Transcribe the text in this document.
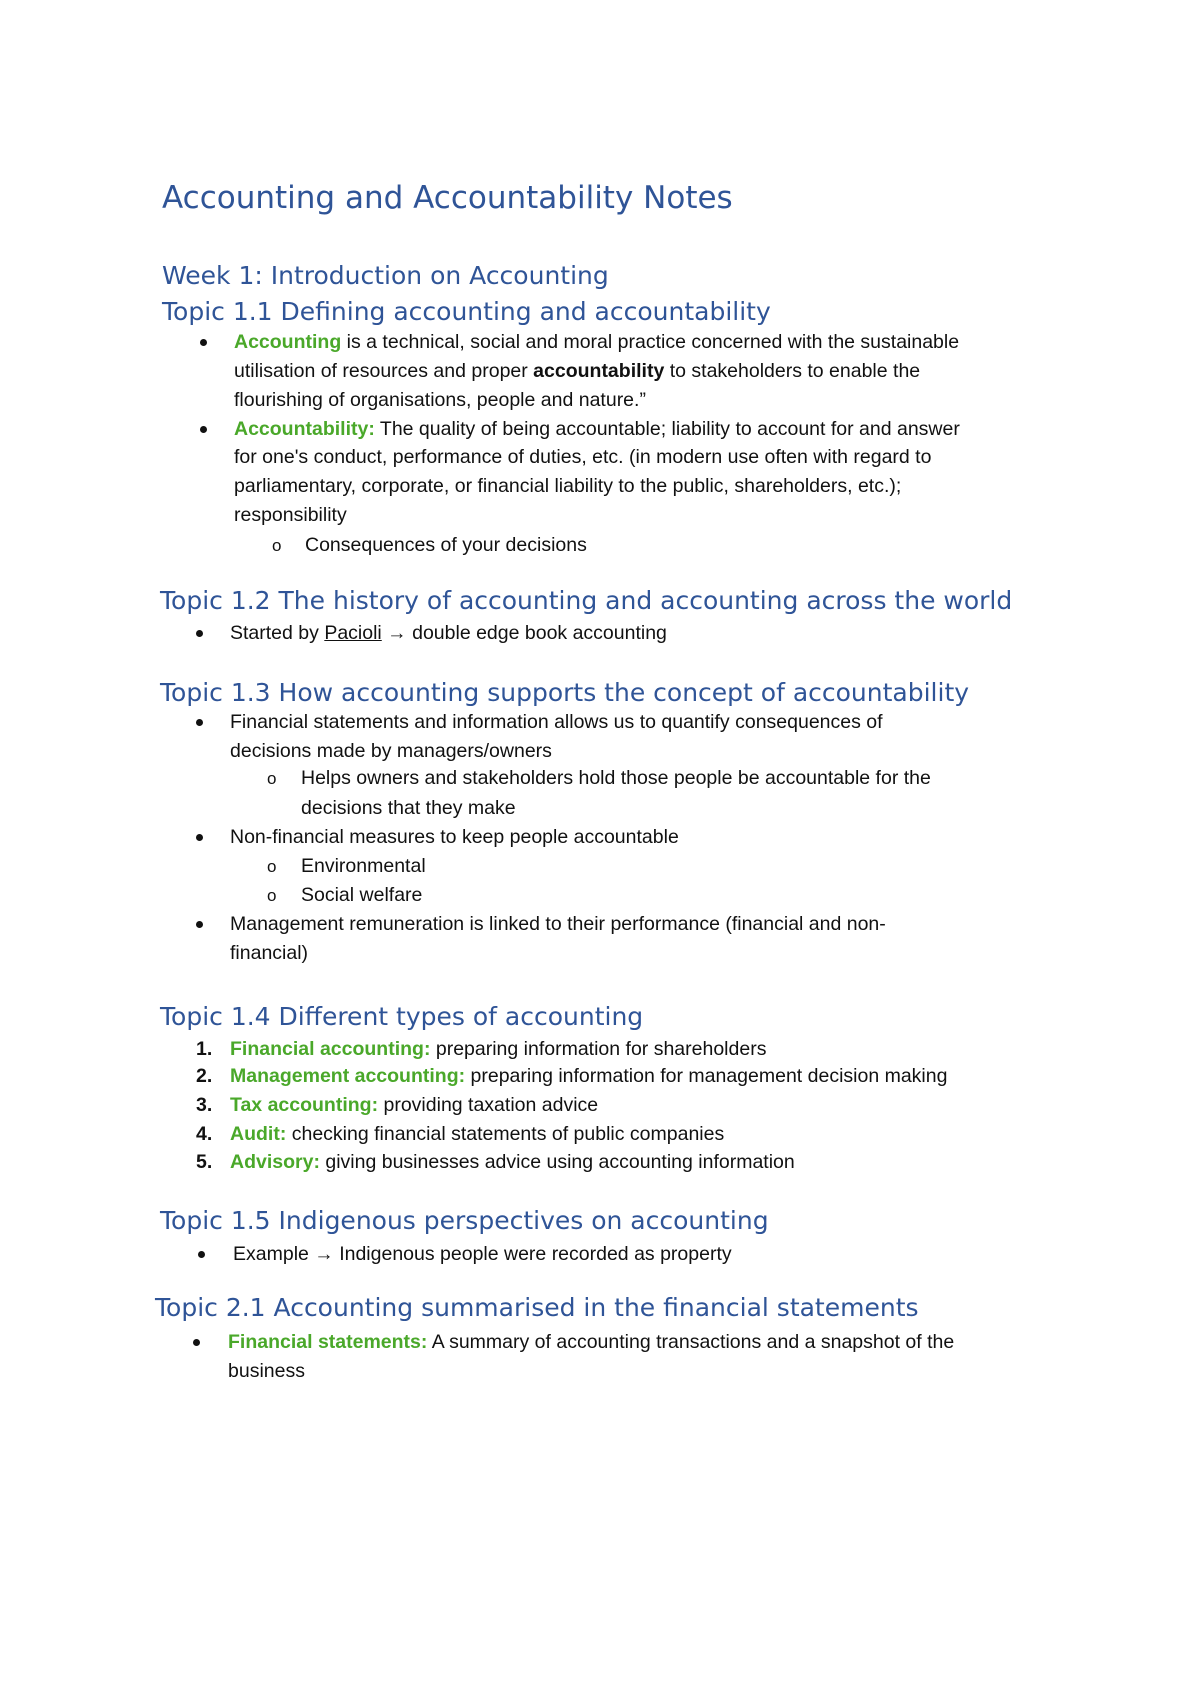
Accounting and Accountability Notes
Week 1: Introduction on Accounting
Topic 1.1 Defining accounting and accountability
Accounting is a technical, social and moral practice concerned with the sustainable
utilisation of resources and proper accountability to stakeholders to enable the
flourishing of organisations, people and nature.”
Accountability: The quality of being accountable; liability to account for and answer
for one's conduct, performance of duties, etc. (in modern use often with regard to
parliamentary, corporate, or financial liability to the public, shareholders, etc.);
responsibility
o Consequences of your decisions
Topic 1.2 The history of accounting and accounting across the world
Started by Pacioli → double edge book accounting
Topic 1.3 How accounting supports the concept of accountability
Financial statements and information allows us to quantify consequences of
decisions made by managers/owners
o Helps owners and stakeholders hold those people be accountable for the
decisions that they make
Non-financial measures to keep people accountable
o Environmental
o Social welfare
Management remuneration is linked to their performance (financial and non-
financial)
Topic 1.4 Different types of accounting
1. Financial accounting: preparing information for shareholders
2. Management accounting: preparing information for management decision making
3. Tax accounting: providing taxation advice
4. Audit: checking financial statements of public companies
5. Advisory: giving businesses advice using accounting information
Topic 1.5 Indigenous perspectives on accounting
Example → Indigenous people were recorded as property
Topic 2.1 Accounting summarised in the financial statements
Financial statements: A summary of accounting transactions and a snapshot of the
business
